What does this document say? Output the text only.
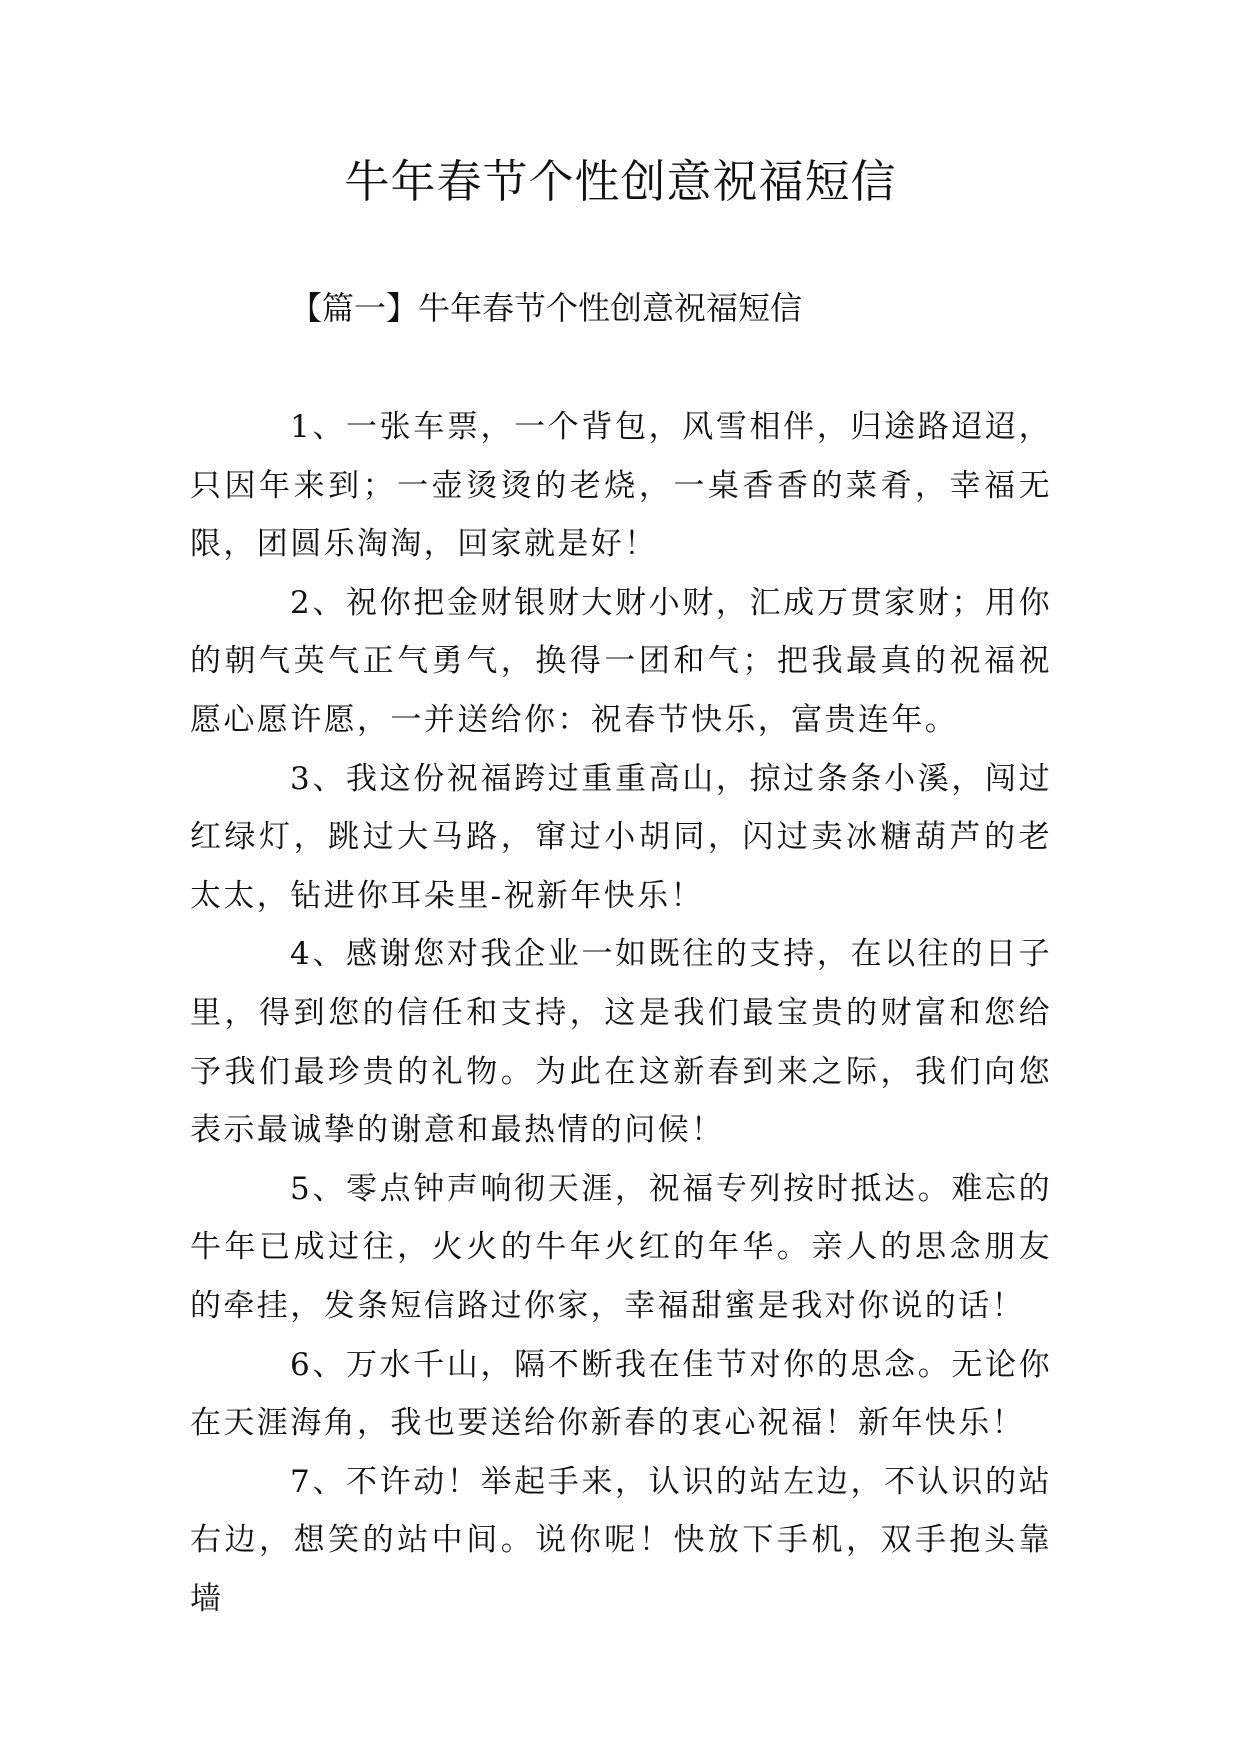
牛年春节个性创意祝福短信
【篇一】牛年春节个性创意祝福短信

1、一张车票，一个背包，风雪相伴，归途路迢迢，只因年来到；一壶烫烫的老烧，一桌香香的菜肴，幸福无限，团圆乐淘淘，回家就是好！

2、祝你把金财银财大财小财，汇成万贯家财；用你的朝气英气正气勇气，换得一团和气；把我最真的祝福祝愿心愿许愿，一并送给你：祝春节快乐，富贵连年。

3、我这份祝福跨过重重高山，掠过条条小溪，闯过红绿灯，跳过大马路，窜过小胡同，闪过卖冰糖葫芦的老太太，钻进你耳朵里-祝新年快乐！

4、感谢您对我企业一如既往的支持，在以往的日子里，得到您的信任和支持，这是我们最宝贵的财富和您给予我们最珍贵的礼物。为此在这新春到来之际，我们向您表示最诚挚的谢意和最热情的问候！

5、零点钟声响彻天涯，祝福专列按时抵达。难忘的牛年已成过往，火火的牛年火红的年华。亲人的思念朋友的牵挂，发条短信路过你家，幸福甜蜜是我对你说的话！

6、万水千山，隔不断我在佳节对你的思念。无论你在天涯海角，我也要送给你新春的衷心祝福！新年快乐！

7、不许动！举起手来，认识的站左边，不认识的站右边，想笑的站中间。说你呢！快放下手机，双手抱头靠墙
